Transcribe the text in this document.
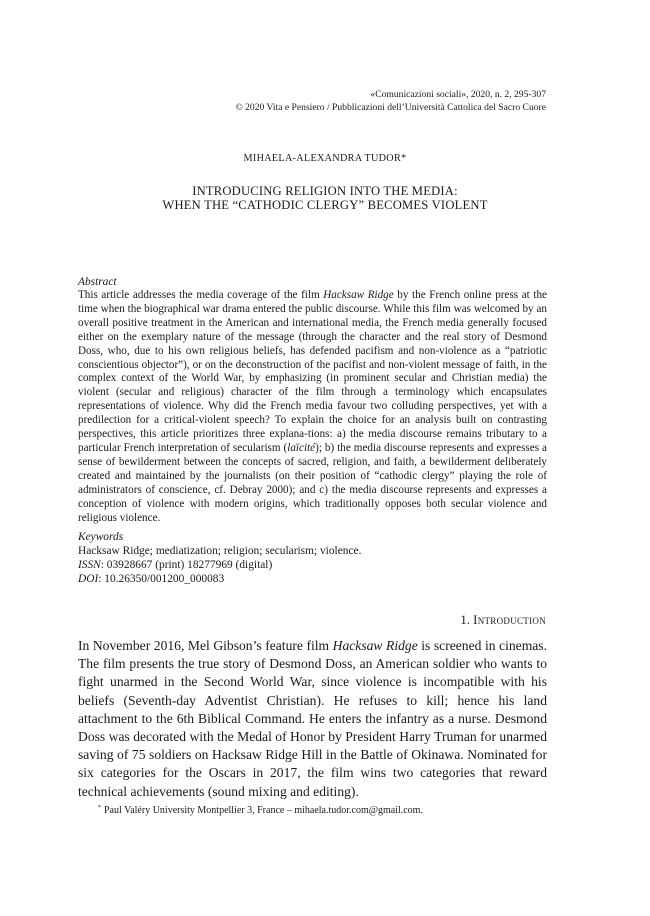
«Comunicazioni sociali», 2020, n. 2, 295-307
© 2020 Vita e Pensiero / Pubblicazioni dell’Università Cattolica del Sacro Cuore
MIHAELA-ALEXANDRA TUDOR*
INTRODUCING RELIGION INTO THE MEDIA:
WHEN THE “CATHODIC CLERGY” BECOMES VIOLENT
Abstract
This article addresses the media coverage of the film Hacksaw Ridge by the French online press at the time when the biographical war drama entered the public discourse. While this film was welcomed by an overall positive treatment in the American and international media, the French media generally focused either on the exemplary nature of the message (through the character and the real story of Desmond Doss, who, due to his own religious beliefs, has defended pacifism and non-violence as a “patriotic conscientious objector”), or on the deconstruction of the pacifist and non-violent message of faith, in the complex context of the World War, by emphasizing (in prominent secular and Christian media) the violent (secular and religious) character of the film through a terminology which encapsulates representations of violence. Why did the French media favour two colluding perspectives, yet with a predilection for a critical-violent speech? To explain the choice for an analysis built on contrasting perspectives, this article prioritizes three explana-tions: a) the media discourse remains tributary to a particular French interpretation of secularism (laïcité); b) the media discourse represents and expresses a sense of bewilderment between the concepts of sacred, religion, and faith, a bewilderment deliberately created and maintained by the journalists (on their position of “cathodic clergy” playing the role of administrators of conscience, cf. Debray 2000); and c) the media discourse represents and expresses a conception of violence with modern origins, which traditionally opposes both secular violence and religious violence.
Keywords
Hacksaw Ridge; mediatization; religion; secularism; violence.
ISSN: 03928667 (print) 18277969 (digital)
DOI: 10.26350/001200_000083
1. Introduction
In November 2016, Mel Gibson’s feature film Hacksaw Ridge is screened in cinemas. The film presents the true story of Desmond Doss, an American soldier who wants to fight unarmed in the Second World War, since violence is incompatible with his beliefs (Seventh-day Adventist Christian). He refuses to kill; hence his land attachment to the 6th Biblical Command. He enters the infantry as a nurse. Desmond Doss was decorated with the Medal of Honor by President Harry Truman for unarmed saving of 75 soldiers on Hacksaw Ridge Hill in the Battle of Okinawa. Nominated for six categories for the Oscars in 2017, the film wins two categories that reward technical achievements (sound mixing and editing).
* Paul Valéry University Montpellier 3, France – mihaela.tudor.com@gmail.com.
